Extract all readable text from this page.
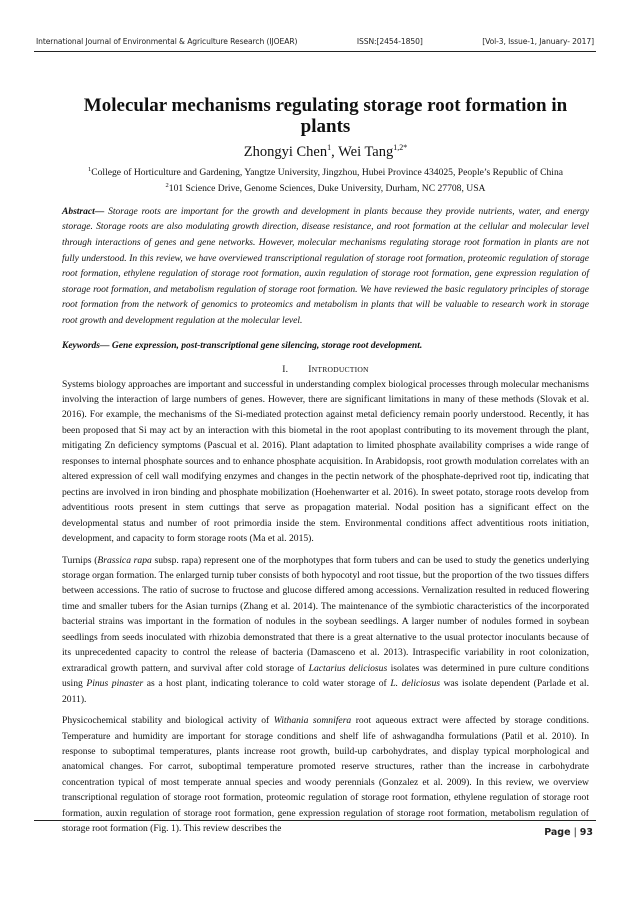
International Journal of Environmental & Agriculture Research (IJOEAR)	ISSN:[2454-1850]	[Vol-3, Issue-1, January- 2017]
Molecular mechanisms regulating storage root formation in plants
Zhongyi Chen$^1$, Wei Tang$^{1,2*}$
$^1$College of Horticulture and Gardening, Yangtze University, Jingzhou, Hubei Province 434025, People’s Republic of China
$^2$101 Science Drive, Genome Sciences, Duke University, Durham, NC 27708, USA

Abstract— Storage roots are important for the growth and development in plants because they provide nutrients, water, and energy storage. Storage roots are also modulating growth direction, disease resistance, and root formation at the cellular and molecular level through interactions of genes and gene networks. However, molecular mechanisms regulating storage root formation in plants are not fully understood. In this review, we have overviewed transcriptional regulation of storage root formation, proteomic regulation of storage root formation, ethylene regulation of storage root formation, auxin regulation of storage root formation, gene expression regulation of storage root formation, and metabolism regulation of storage root formation. We have reviewed the basic regulatory principles of storage root formation from the network of genomics to proteomics and metabolism in plants that will be valuable to research work in storage root growth and development regulation at the molecular level.

Keywords— Gene expression, post-transcriptional gene silencing, storage root development.

I. INTRODUCTION

Systems biology approaches are important and successful in understanding complex biological processes through molecular mechanisms involving the interaction of large numbers of genes. However, there are significant limitations in many of these methods (Slovak et al. 2016). For example, the mechanisms of the Si-mediated protection against metal deficiency remain poorly understood. Recently, it has been proposed that Si may act by an interaction with this biometal in the root apoplast contributing to its movement through the plant, mitigating Zn deficiency symptoms (Pascual et al. 2016). Plant adaptation to limited phosphate availability comprises a wide range of responses to internal phosphate sources and to enhance phosphate acquisition. In Arabidopsis, root growth modulation correlates with an altered expression of cell wall modifying enzymes and changes in the pectin network of the phosphate-deprived root tip, indicating that pectins are involved in iron binding and phosphate mobilization (Hoehenwarter et al. 2016). In sweet potato, storage roots develop from adventitious roots present in stem cuttings that serve as propagation material. Nodal position has a significant effect on the developmental status and number of root primordia inside the stem. Environmental conditions affect adventitious roots initiation, development, and capacity to form storage roots (Ma et al. 2015).

Turnips (Brassica rapa subsp. rapa) represent one of the morphotypes that form tubers and can be used to study the genetics underlying storage organ formation. The enlarged turnip tuber consists of both hypocotyl and root tissue, but the proportion of the two tissues differs between accessions. The ratio of sucrose to fructose and glucose differed among accessions. Vernalization resulted in reduced flowering time and smaller tubers for the Asian turnips (Zhang et al. 2014). The maintenance of the symbiotic characteristics of the incorporated bacterial strains was important in the formation of nodules in the soybean seedlings. A larger number of nodules formed in soybean seedlings from seeds inoculated with rhizobia demonstrated that there is a great alternative to the usual protector inoculants because of its unprecedented capacity to control the release of bacteria (Damasceno et al. 2013). Intraspecific variability in root colonization, extraradical growth pattern, and survival after cold storage of Lactarius deliciosus isolates was determined in pure culture conditions using Pinus pinaster as a host plant, indicating tolerance to cold water storage of L. deliciosus was isolate dependent (Parlade et al. 2011).

Physicochemical stability and biological activity of Withania somnifera root aqueous extract were affected by storage conditions. Temperature and humidity are important for storage conditions and shelf life of ashwagandha formulations (Patil et al. 2010). In response to suboptimal temperatures, plants increase root growth, build-up carbohydrates, and display typical morphological and anatomical changes. For carrot, suboptimal temperature promoted reserve structures, rather than the increase in carbohydrate concentration typical of most temperate annual species and woody perennials (Gonzalez et al. 2009). In this review, we overview transcriptional regulation of storage root formation, proteomic regulation of storage root formation, ethylene regulation of storage root formation, auxin regulation of storage root formation, gene expression regulation of storage root formation, metabolism regulation of storage root formation (Fig. 1). This review describes the	Page | 93
